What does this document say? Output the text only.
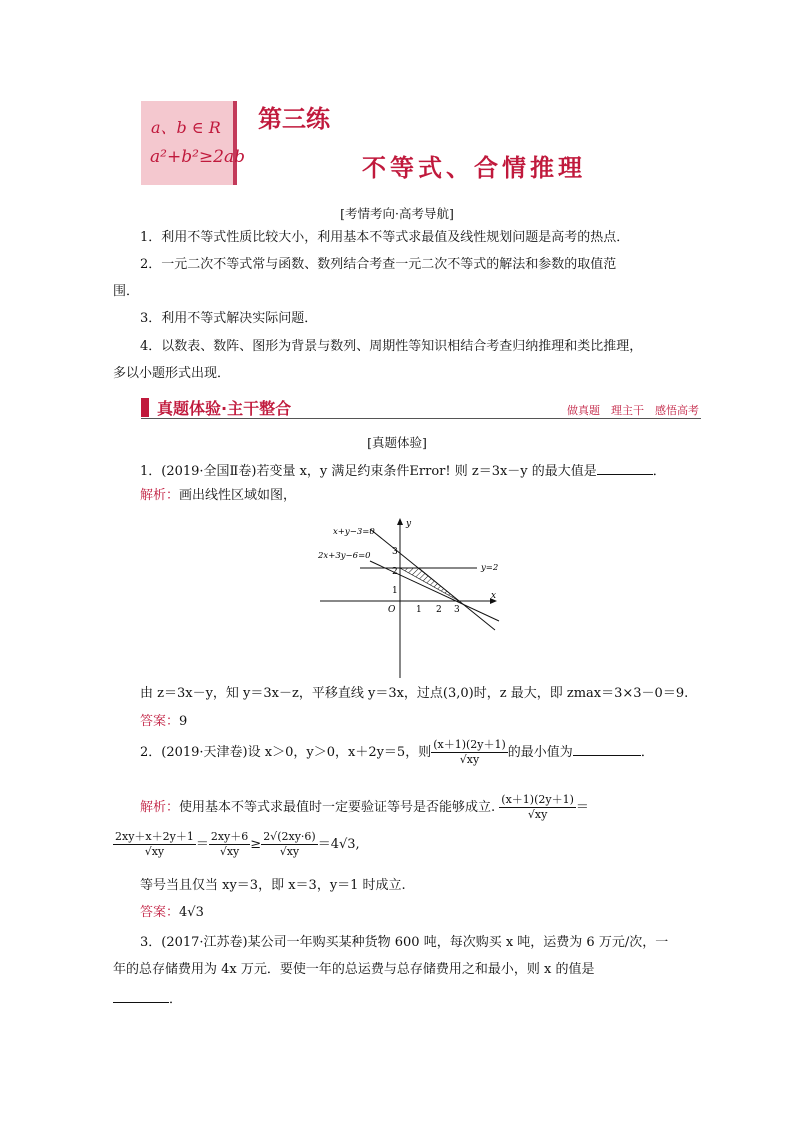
a、b ∈ R
a²+b²≥2ab
第三练
不等式、合情推理
[考情考向·高考导航]
1．利用不等式性质比较大小，利用基本不等式求最值及线性规划问题是高考的热点．
2．一元二次不等式常与函数、数列结合考查一元二次不等式的解法和参数的取值范
围．
3．利用不等式解决实际问题．
4．以数表、数阵、图形为背景与数列、周期性等知识相结合考查归纳推理和类比推理，
多以小题形式出现．
真题体验·主干整合	做真题　理主干　感悟高考
[真题体验]
1．(2019·全国Ⅱ卷)若变量 x，y 满足约束条件Error! 则 z＝3x－y 的最大值是	．
解析：画出线性区域如图，
x+y−3=0
2x+3y−6=0
y=2
x
y
O 1 2 3
1
2
3
由 z＝3x－y，知 y＝3x－z，平移直线 y＝3x，过点(3,0)时，z 最大，即 zmax＝3×3－0＝9.
答案：9
2．(2019·天津卷)设 x＞0，y＞0，x＋2y＝5，则 $\frac{(x+1)(2y+1)}{√xy}$ 的最小值为	．
解析：使用基本不等式求最值时一定要验证等号是否能够成立. $\frac{(x+1)(2y+1)}{√xy}$ ＝
$\frac{2xy+x+2y+1}{√xy} = \frac{2xy+6}{√xy} \ge \frac{2√(2xy\cdot 6)}{√xy} =4√3$,
等号当且仅当 xy＝3，即 x＝3，y＝1 时成立.
答案：4√3
3．(2017·江苏卷)某公司一年购买某种货物 600 吨，每次购买 x 吨，运费为 6 万元/次，一
年的总存储费用为 4x 万元．要使一年的总运费与总存储费用之和最小，则 x 的值是
．
